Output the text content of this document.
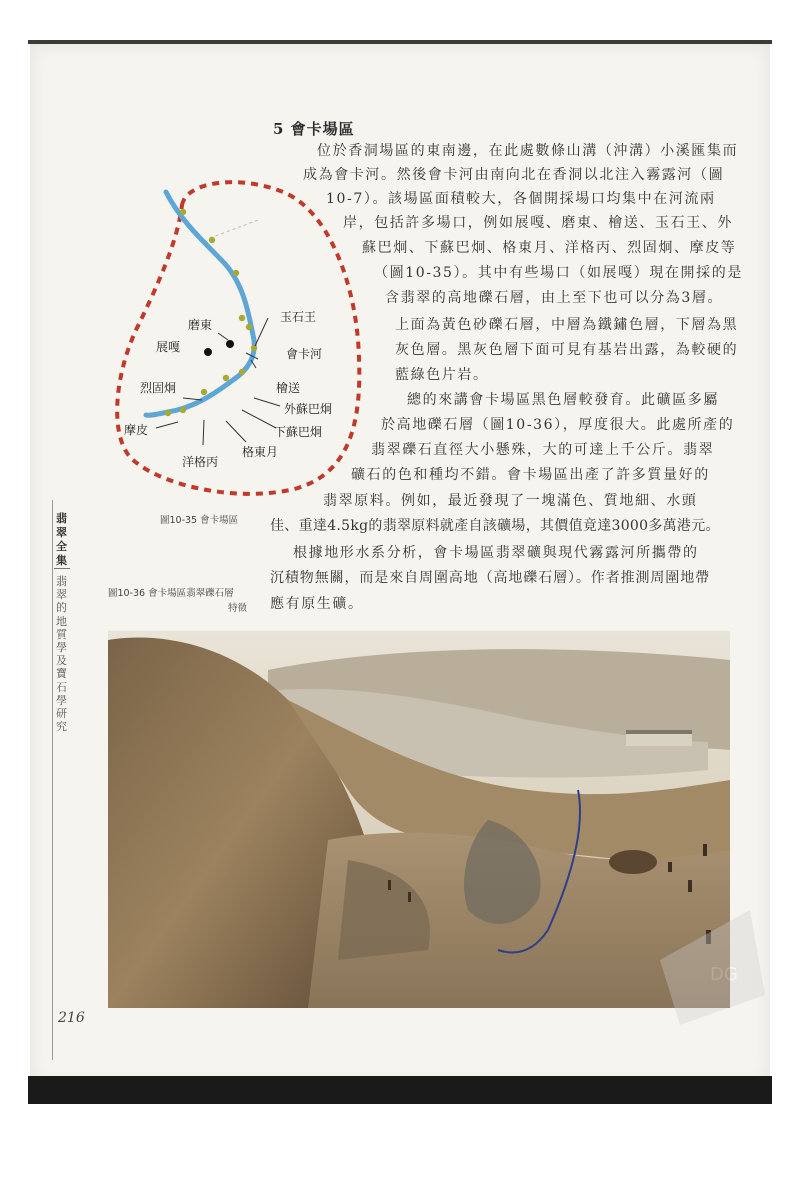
5 會卡場區
位於香洞場區的東南邊，在此處數條山溝（沖溝）小溪匯集而
成為會卡河。然後會卡河由南向北在香洞以北注入霧露河（圖
10-7）。該場區面積較大，各個開採場口均集中在河流兩
岸，包括許多場口，例如展嘎、磨東、檜送、玉石王、外
蘇巴炯、下蘇巴炯、格東月、洋格丙、烈固炯、摩皮等
（圖10-35）。其中有些場口（如展嘎）現在開採的是
含翡翠的高地礫石層，由上至下也可以分為3層。
上面為黃色砂礫石層，中層為鐵鏽色層，下層為黑
灰色層。黑灰色層下面可見有基岩出露，為較硬的
藍綠色片岩。
總的來講會卡場區黑色層較發育。此礦區多屬
於高地礫石層（圖10-36），厚度很大。此處所產的
翡翠礫石直徑大小懸殊，大的可達上千公斤。翡翠
礦石的色和種均不錯。會卡場區出產了許多質量好的
翡翠原料。例如，最近發現了一塊滿色、質地細、水頭
佳、重達4.5kg的翡翠原料就產自該礦場，其價值竟達3000多萬港元。
根據地形水系分析，會卡場區翡翠礦與現代霧露河所攜帶的
沉積物無關，而是來自周圍高地（高地礫石層）。作者推測周圍地帶
應有原生礦。
磨東
玉石王
展嘎	會卡河
檜送
烈固炯
外蘇巴炯
下蘇巴炯
摩皮
格東月
洋格丙
圖10-35 會卡場區
圖10-36 會卡場區翡翠礫石層
特徵
翡翠全集
翡翠的地質學及寶石學研究
DG
216
